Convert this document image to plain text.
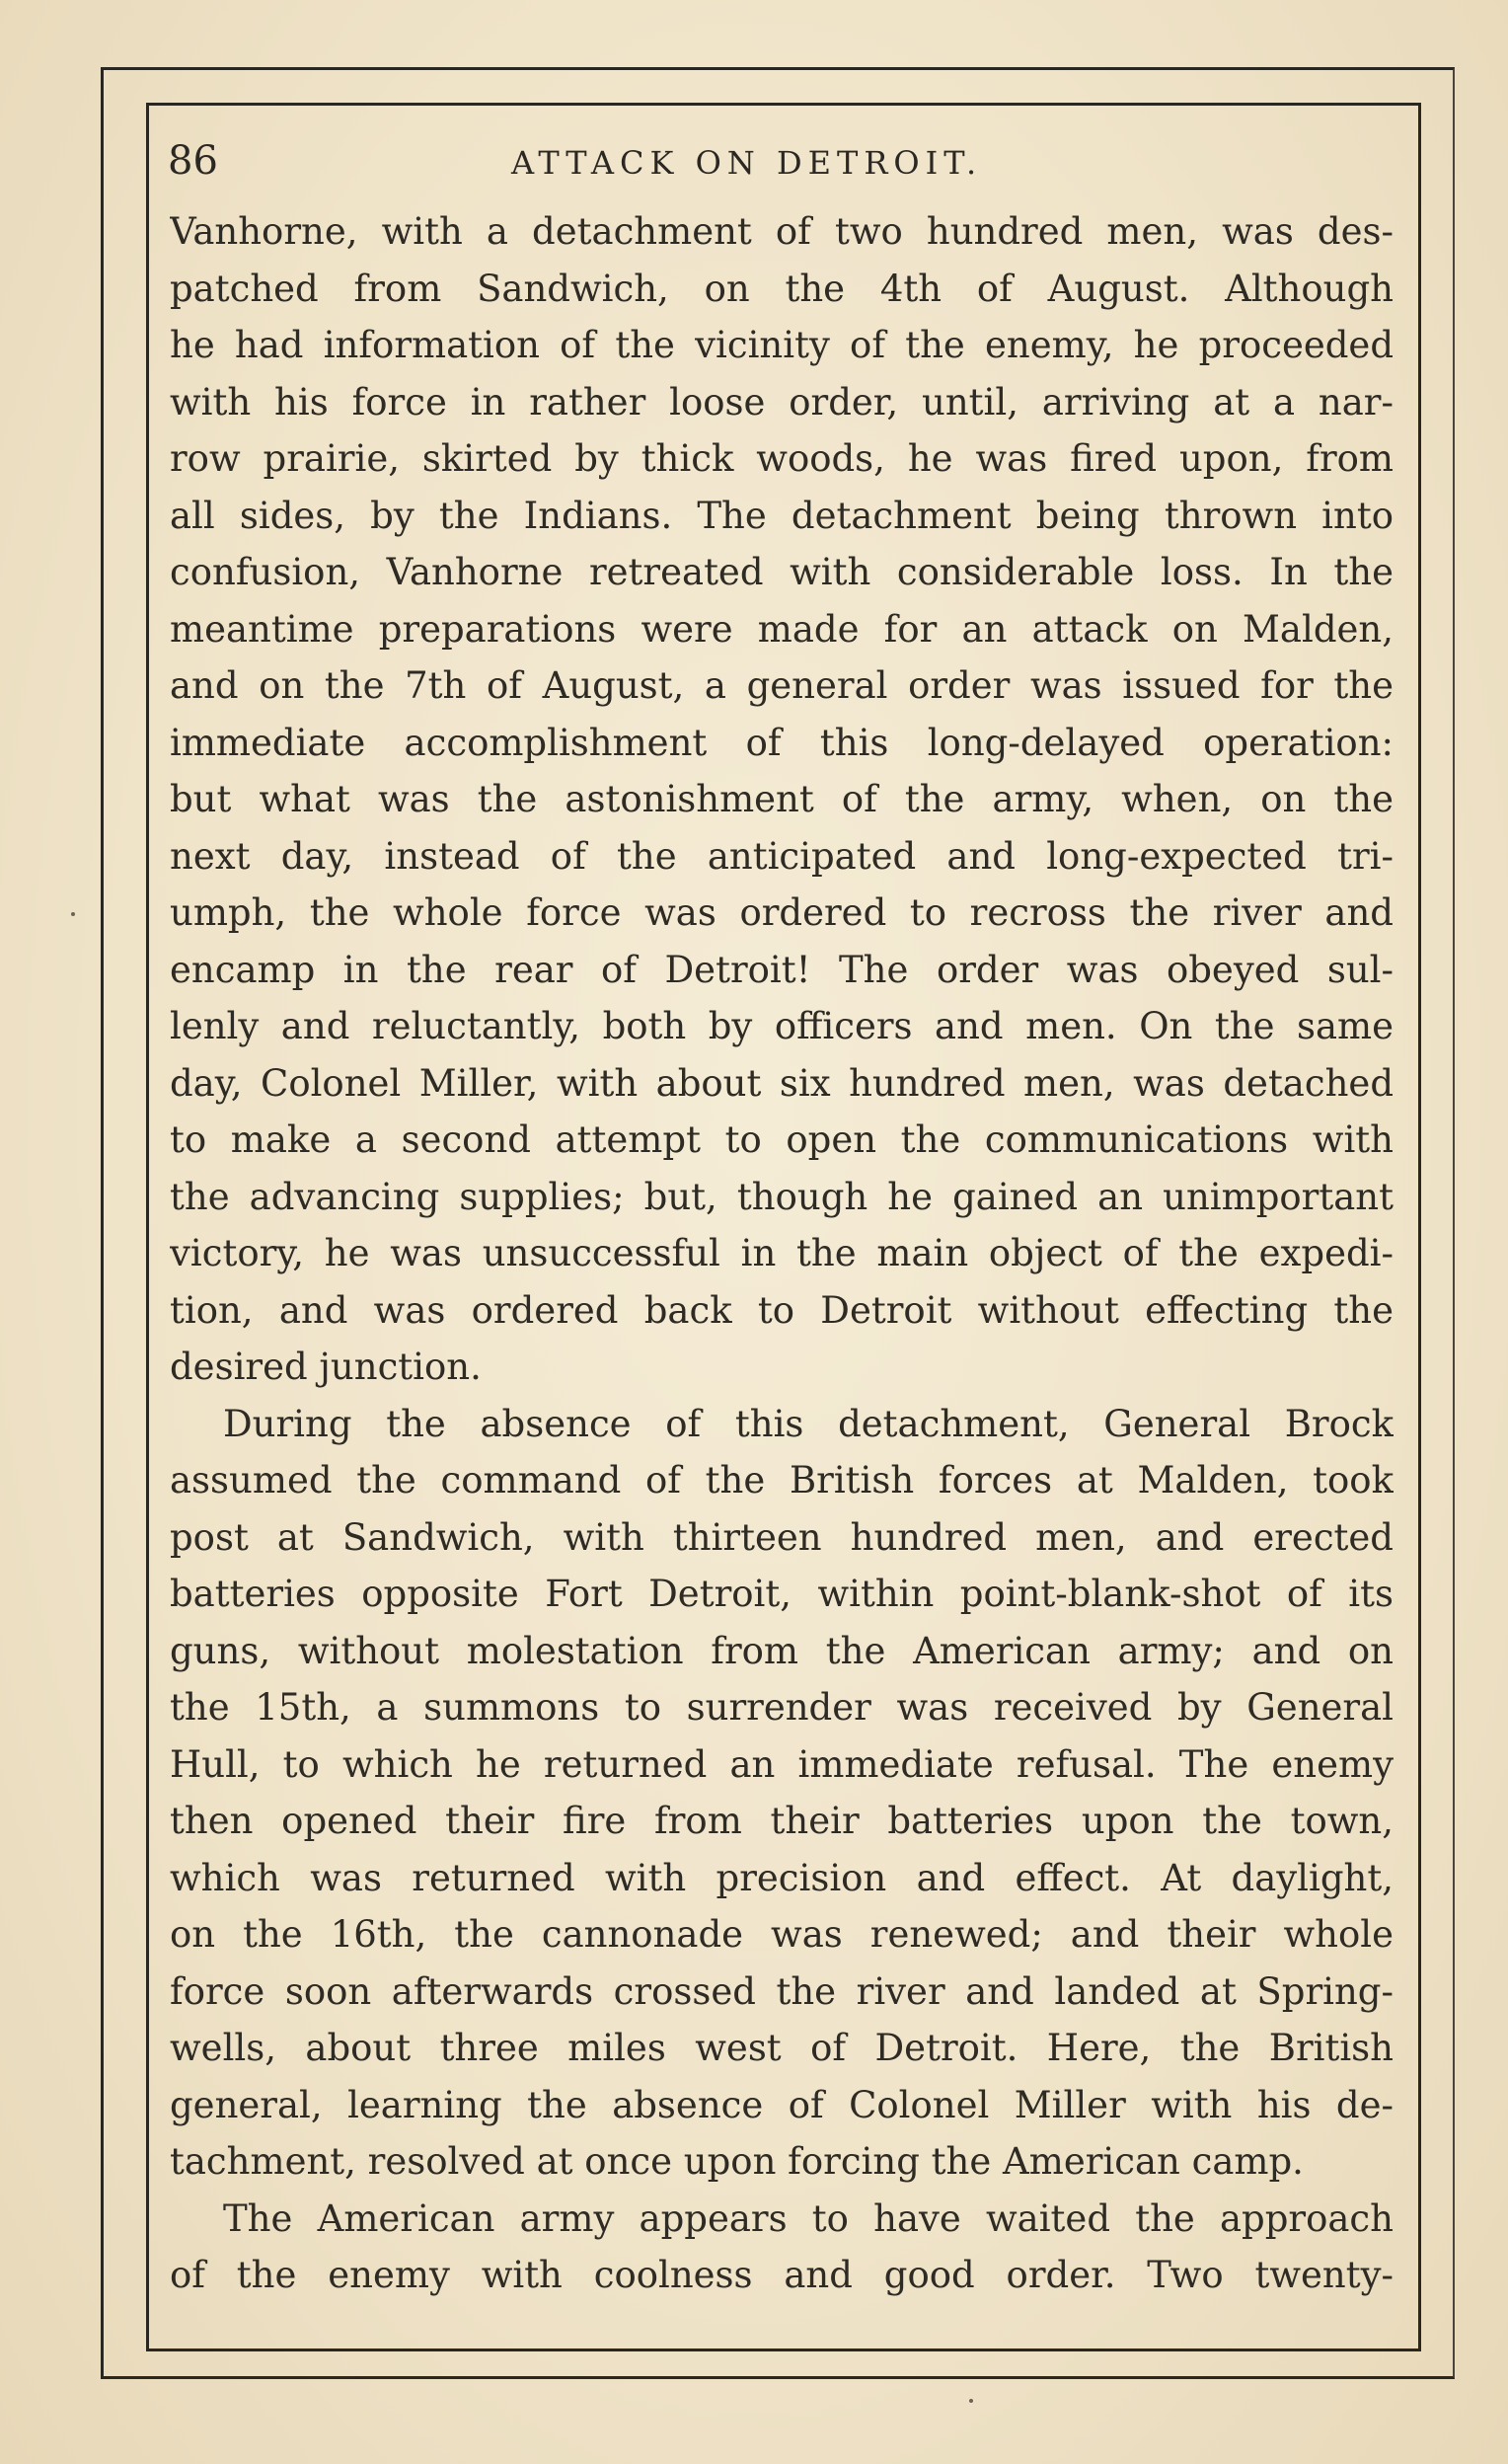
86	ATTACK ON DETROIT.
Vanhorne, with a detachment of two hundred men, was des-
patched from Sandwich, on the 4th of August. Although
he had information of the vicinity of the enemy, he proceeded
with his force in rather loose order, until, arriving at a nar-
row prairie, skirted by thick woods, he was fired upon, from
all sides, by the Indians. The detachment being thrown into
confusion, Vanhorne retreated with considerable loss. In the
meantime preparations were made for an attack on Malden,
and on the 7th of August, a general order was issued for the
immediate accomplishment of this long-delayed operation:
but what was the astonishment of the army, when, on the
next day, instead of the anticipated and long-expected tri-
umph, the whole force was ordered to recross the river and
encamp in the rear of Detroit! The order was obeyed sul-
lenly and reluctantly, both by officers and men. On the same
day, Colonel Miller, with about six hundred men, was detached
to make a second attempt to open the communications with
the advancing supplies; but, though he gained an unimportant
victory, he was unsuccessful in the main object of the expedi-
tion, and was ordered back to Detroit without effecting the
desired junction.
During the absence of this detachment, General Brock
assumed the command of the British forces at Malden, took
post at Sandwich, with thirteen hundred men, and erected
batteries opposite Fort Detroit, within point-blank-shot of its
guns, without molestation from the American army; and on
the 15th, a summons to surrender was received by General
Hull, to which he returned an immediate refusal. The enemy
then opened their fire from their batteries upon the town,
which was returned with precision and effect. At daylight,
on the 16th, the cannonade was renewed; and their whole
force soon afterwards crossed the river and landed at Spring-
wells, about three miles west of Detroit. Here, the British
general, learning the absence of Colonel Miller with his de-
tachment, resolved at once upon forcing the American camp.
The American army appears to have waited the approach
of the enemy with coolness and good order. Two twenty-
